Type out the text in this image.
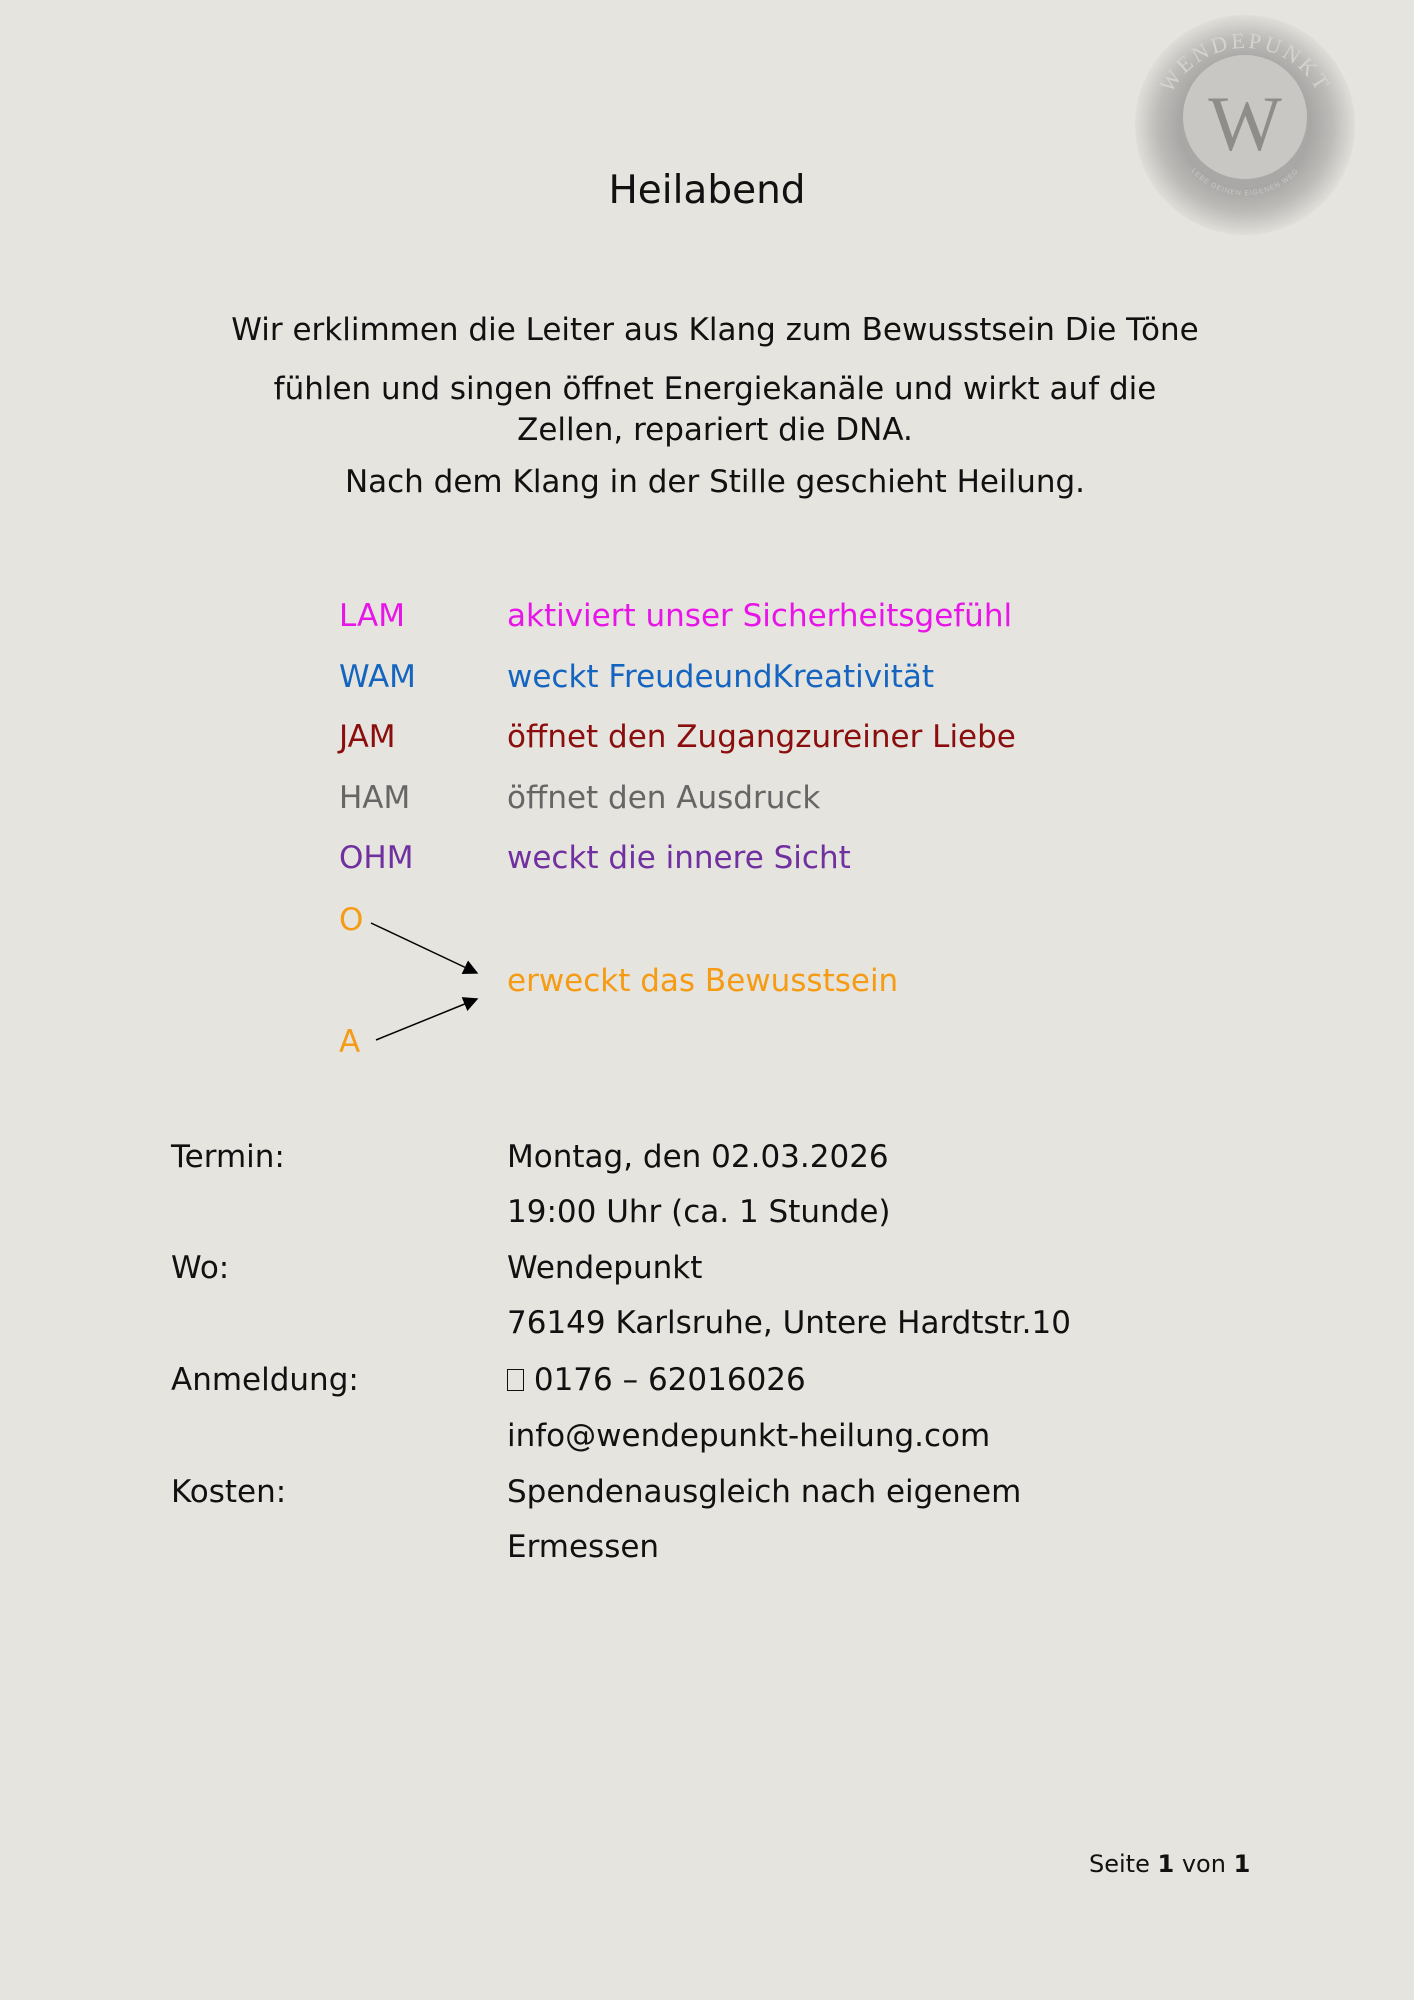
W
WENDEPUNKT
LEBE DEINEN EIGENEN WEG
Heilabend
Wir erklimmen die Leiter aus Klang zum Bewusstsein Die Töne
fühlen und singen öffnet Energiekanäle und wirkt auf die
Zellen, repariert die DNA.
Nach dem Klang in der Stille geschieht Heilung.
LAM	aktiviert unser Sicherheitsgefühl
WAM	weckt FreudeundKreativität
JAM	öffnet den Zugangzureiner Liebe
HAM	öffnet den Ausdruck
OHM	weckt die innere Sicht
O
A
erweckt das Bewusstsein
Termin:	Montag, den 02.03.2026
19:00 Uhr (ca. 1 Stunde)
Wo:	Wendepunkt
76149 Karlsruhe, Untere Hardtstr.10
Anmeldung:	0176 – 62016026
info@wendepunkt-heilung.com
Kosten:	Spendenausgleich nach eigenem
Ermessen
Seite 1 von 1
